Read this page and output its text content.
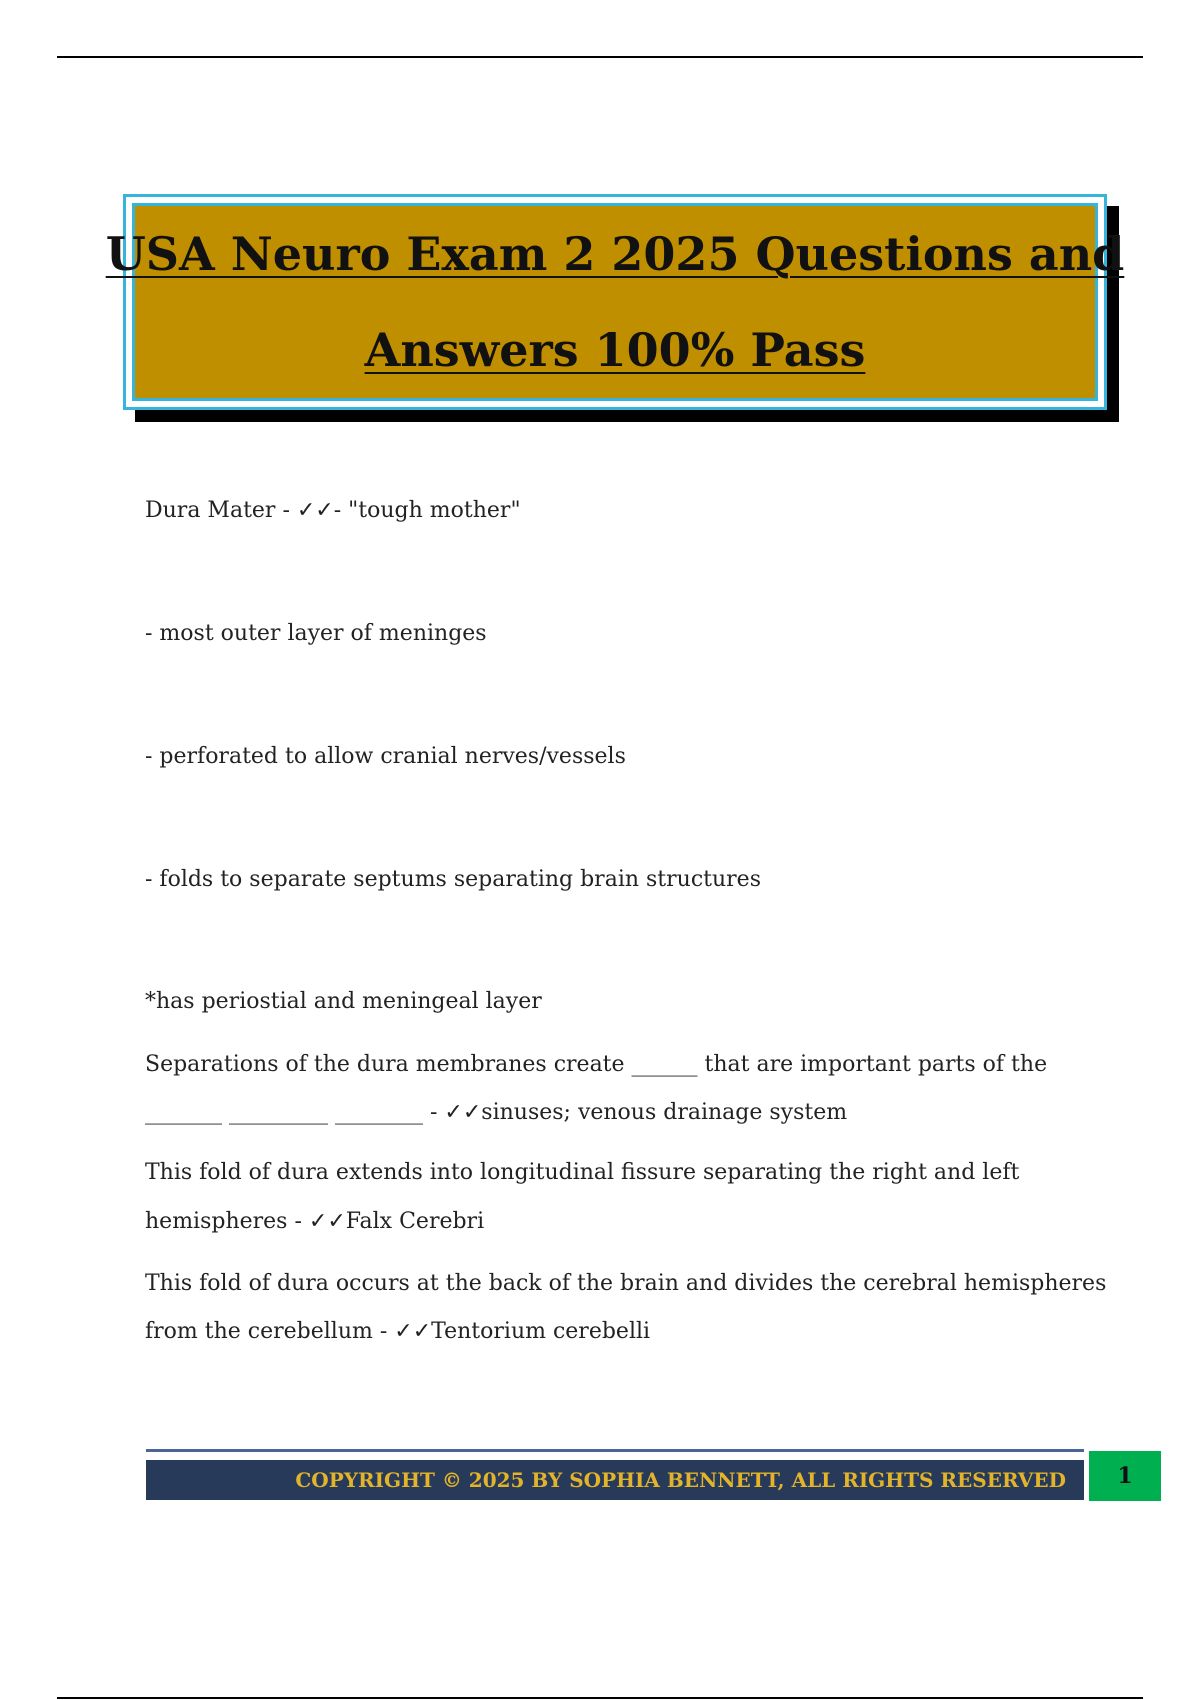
USA Neuro Exam 2 2025 Questions and
Answers 100% Pass
Dura Mater - ✓✓- "tough mother"
- most outer layer of meninges
- perforated to allow cranial nerves/vessels
- folds to separate septums separating brain structures
*has periostial and meningeal layer
Separations of the dura membranes create ______ that are important parts of the
_______ _________ ________ - ✓✓sinuses; venous drainage system
This fold of dura extends into longitudinal fissure separating the right and left
hemispheres - ✓✓Falx Cerebri
This fold of dura occurs at the back of the brain and divides the cerebral hemispheres
from the cerebellum - ✓✓Tentorium cerebelli
COPYRIGHT © 2025 BY SOPHIA BENNETT, ALL RIGHTS RESERVED 1
